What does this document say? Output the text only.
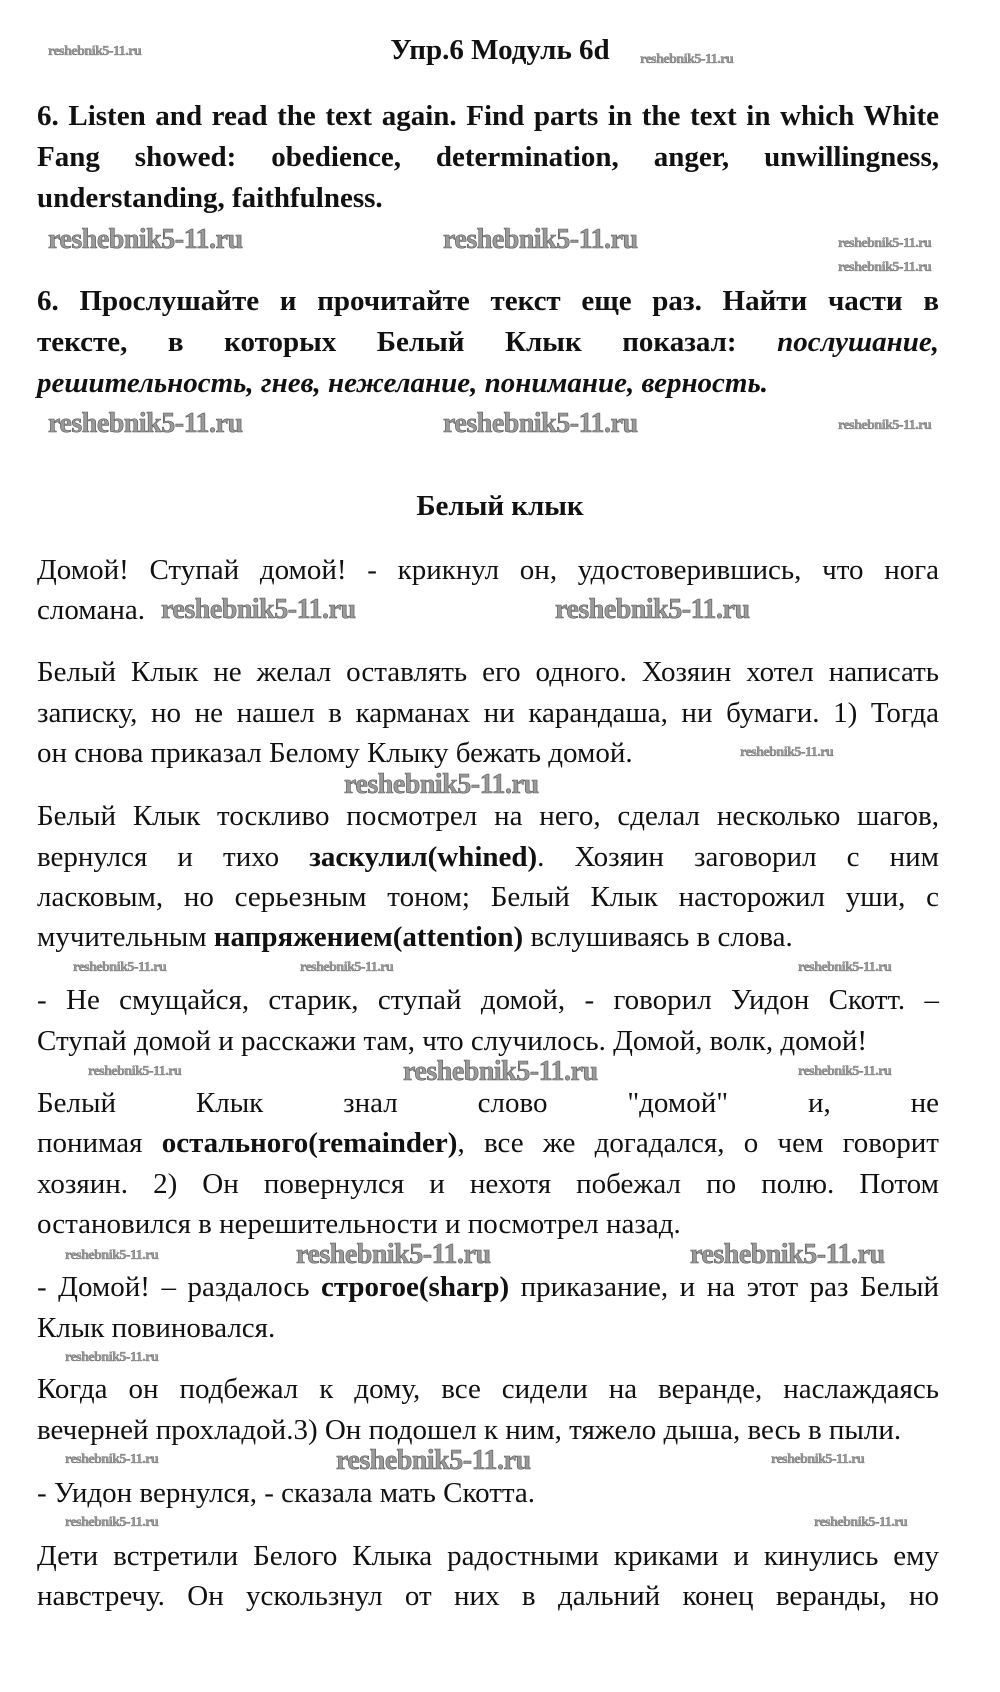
Упр.6 Модуль 6d
6. Listen and read the text again. Find parts in the text in which White
Fang showed: obedience, determination, anger, unwillingness,
understanding, faithfulness.
6. Прослушайте и прочитайте текст еще раз. Найти части в
тексте, в которых Белый Клык показал: послушание,
решительность, гнев, нежелание, понимание, верность.
Белый клык
Домой! Ступай домой! - крикнул он, удостоверившись, что нога
сломана.
Белый Клык не желал оставлять его одного. Хозяин хотел написать
записку, но не нашел в карманах ни карандаша, ни бумаги. 1) Тогда
он снова приказал Белому Клыку бежать домой.
Белый Клык тоскливо посмотрел на него, сделал несколько шагов,
вернулся и тихо заскулил(whined). Хозяин заговорил с ним
ласковым, но серьезным тоном; Белый Клык насторожил уши, с
мучительным напряжением(attention) вслушиваясь в слова.
- Не смущайся, старик, ступай домой, - говорил Уидон Скотт. –
Ступай домой и расскажи там, что случилось. Домой, волк, домой!
Белый Клык знал слово "домой" и, не
понимая остального(remainder), все же догадался, о чем говорит
хозяин. 2) Он повернулся и нехотя побежал по полю. Потом
остановился в нерешительности и посмотрел назад.
- Домой! – раздалось строгое(sharp) приказание, и на этот раз Белый
Клык повиновался.
Когда он подбежал к дому, все сидели на веранде, наслаждаясь
вечерней прохладой.3) Он подошел к ним, тяжело дыша, весь в пыли.
- Уидон вернулся, - сказала мать Скотта.
Дети встретили Белого Клыка радостными криками и кинулись ему
навстречу. Он ускользнул от них в дальний конец веранды, но
reshebnik5-11.ru
reshebnik5-11.ru
reshebnik5-11.ru	reshebnik5-11.ru	reshebnik5-11.ru
reshebnik5-11.ru
reshebnik5-11.ru	reshebnik5-11.ru	reshebnik5-11.ru
reshebnik5-11.ru	reshebnik5-11.ru
reshebnik5-11.ru
reshebnik5-11.ru
reshebnik5-11.ru	reshebnik5-11.ru	reshebnik5-11.ru
reshebnik5-11.ru	reshebnik5-11.ru	reshebnik5-11.ru
reshebnik5-11.ru	reshebnik5-11.ru	reshebnik5-11.ru
reshebnik5-11.ru
reshebnik5-11.ru	reshebnik5-11.ru	reshebnik5-11.ru
reshebnik5-11.ru	reshebnik5-11.ru
